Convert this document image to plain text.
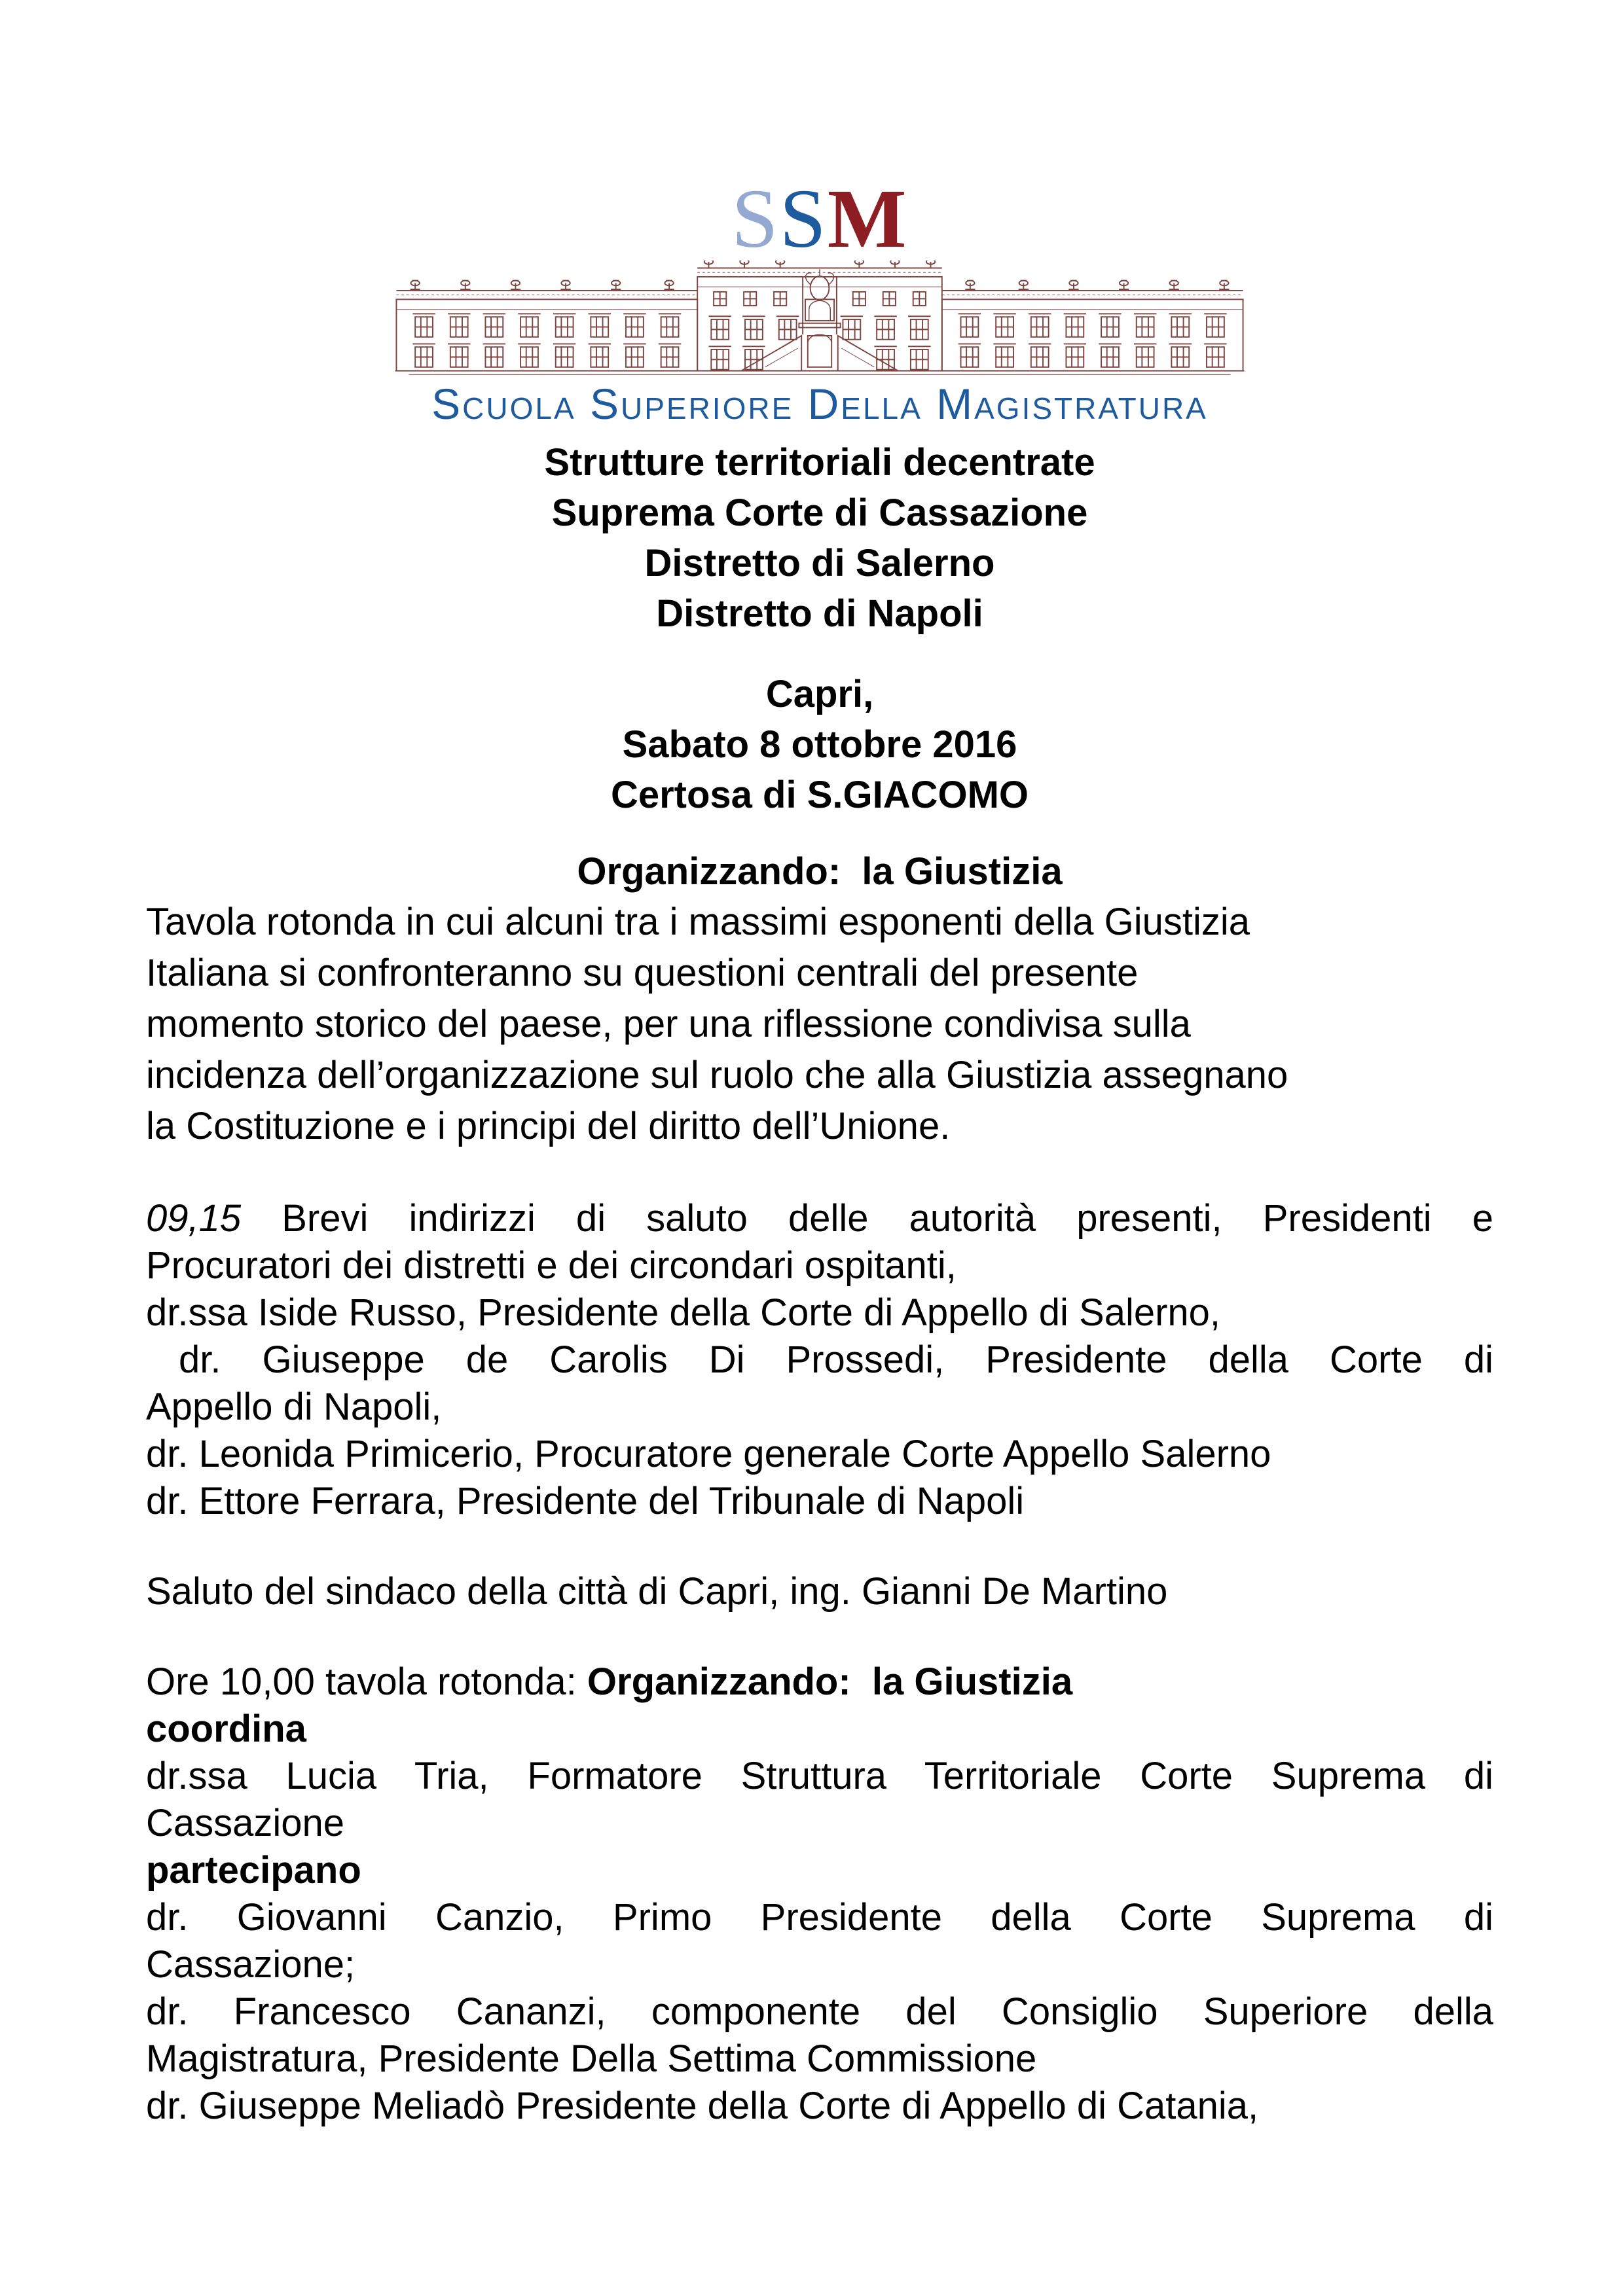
SSM
Scuola Superiore Della Magistratura
Strutture territoriali decentrate
Suprema Corte di Cassazione
Distretto di Salerno
Distretto di Napoli
Capri,
Sabato 8 ottobre 2016
Certosa di S.GIACOMO
Organizzando:  la Giustizia
Tavola rotonda in cui alcuni tra i massimi esponenti della Giustizia
Italiana si confronteranno su questioni centrali del presente
momento storico del paese, per una riflessione condivisa sulla
incidenza dell’organizzazione sul ruolo che alla Giustizia assegnano
la Costituzione e i principi del diritto dell’Unione.
09,15 Brevi indirizzi di saluto delle autorità presenti, Presidenti e
Procuratori dei distretti e dei circondari ospitanti,
dr.ssa Iside Russo, Presidente della Corte di Appello di Salerno,
dr. Giuseppe de Carolis Di Prossedi, Presidente della Corte di
Appello di Napoli,
dr. Leonida Primicerio, Procuratore generale Corte Appello Salerno
dr. Ettore Ferrara, Presidente del Tribunale di Napoli
Saluto del sindaco della città di Capri, ing. Gianni De Martino
Ore 10,00 tavola rotonda: Organizzando:  la Giustizia
coordina
dr.ssa Lucia Tria, Formatore Struttura Territoriale Corte Suprema di
Cassazione
partecipano
dr. Giovanni Canzio, Primo Presidente della Corte Suprema di
Cassazione;
dr. Francesco Cananzi, componente del Consiglio Superiore della
Magistratura, Presidente Della Settima Commissione
dr. Giuseppe Meliadò Presidente della Corte di Appello di Catania,
